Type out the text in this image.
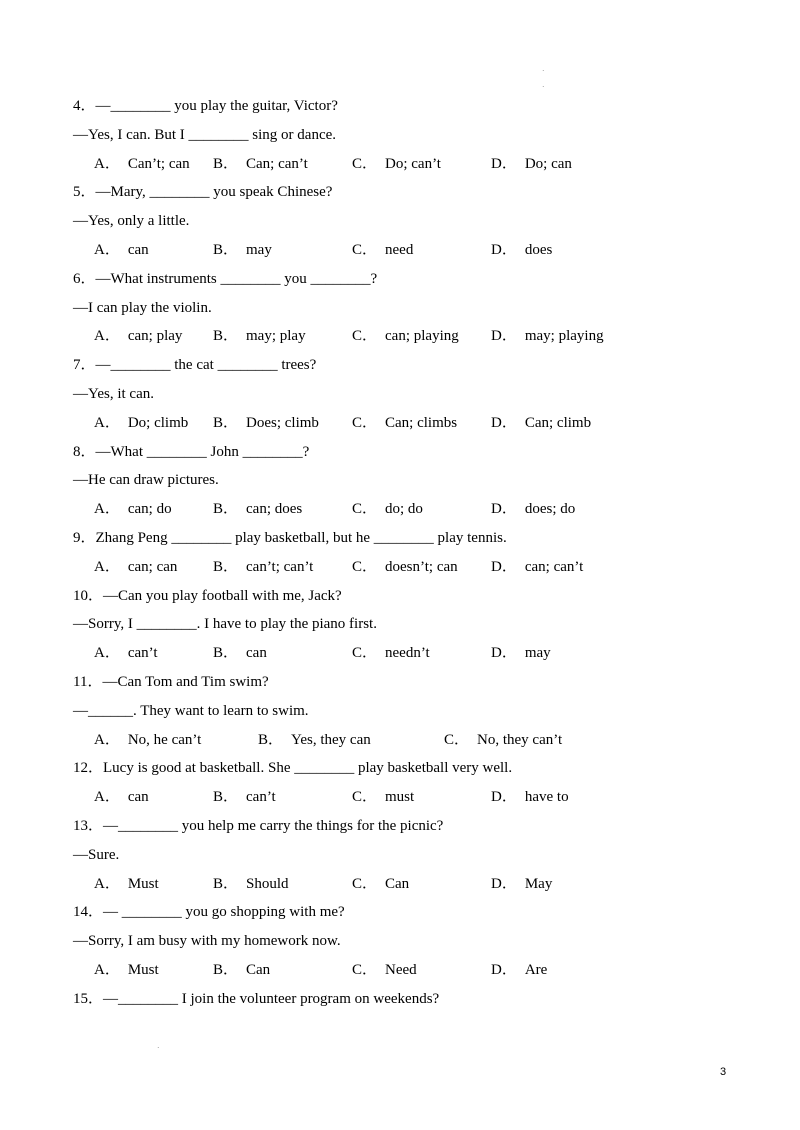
4．—________ you play the guitar, Victor?
—Yes, I can. But I ________ sing or dance.
A． Can’t; can B． Can; can’t	C． Do; can’t	D． Do; can
5．—Mary, ________ you speak Chinese?
—Yes, only a little.
A． can	B． may	C． need	D． does
6．—What instruments ________ you ________?
—I can play the violin.
A． can; play B． may; play	C． can; playing D． may; playing
7．—________ the cat ________ trees?
—Yes, it can.
A． Do; climb B． Does; climb C． Can; climbs D． Can; climb
8．—What ________ John ________?
—He can draw pictures.
A． can; do	B． can; does	C． do; do	D． does; do
9．Zhang Peng ________ play basketball, but he ________ play tennis.
A． can; can B． can’t; can’t	C． doesn’t; can D． can; can’t
10．—Can you play football with me, Jack?
—Sorry, I ________. I have to play the piano first.
A． can’t	B． can	C． needn’t	D． may
11．—Can Tom and Tim swim?
—______. They want to learn to swim.
A． No, he can’t	B． Yes, they can	C． No, they can’t
12．Lucy is good at basketball. She ________ play basketball very well.
A． can	B． can’t	C． must	D． have to
13．—________ you help me carry the things for the picnic?
—Sure.
A． Must	B． Should	C． Can	D． May
14．— ________ you go shopping with me?
—Sorry, I am busy with my homework now.
A． Must	B． Can	C． Need	D． Are
15．—________ I join the volunteer program on weekends?
˙
˙
˙
3
